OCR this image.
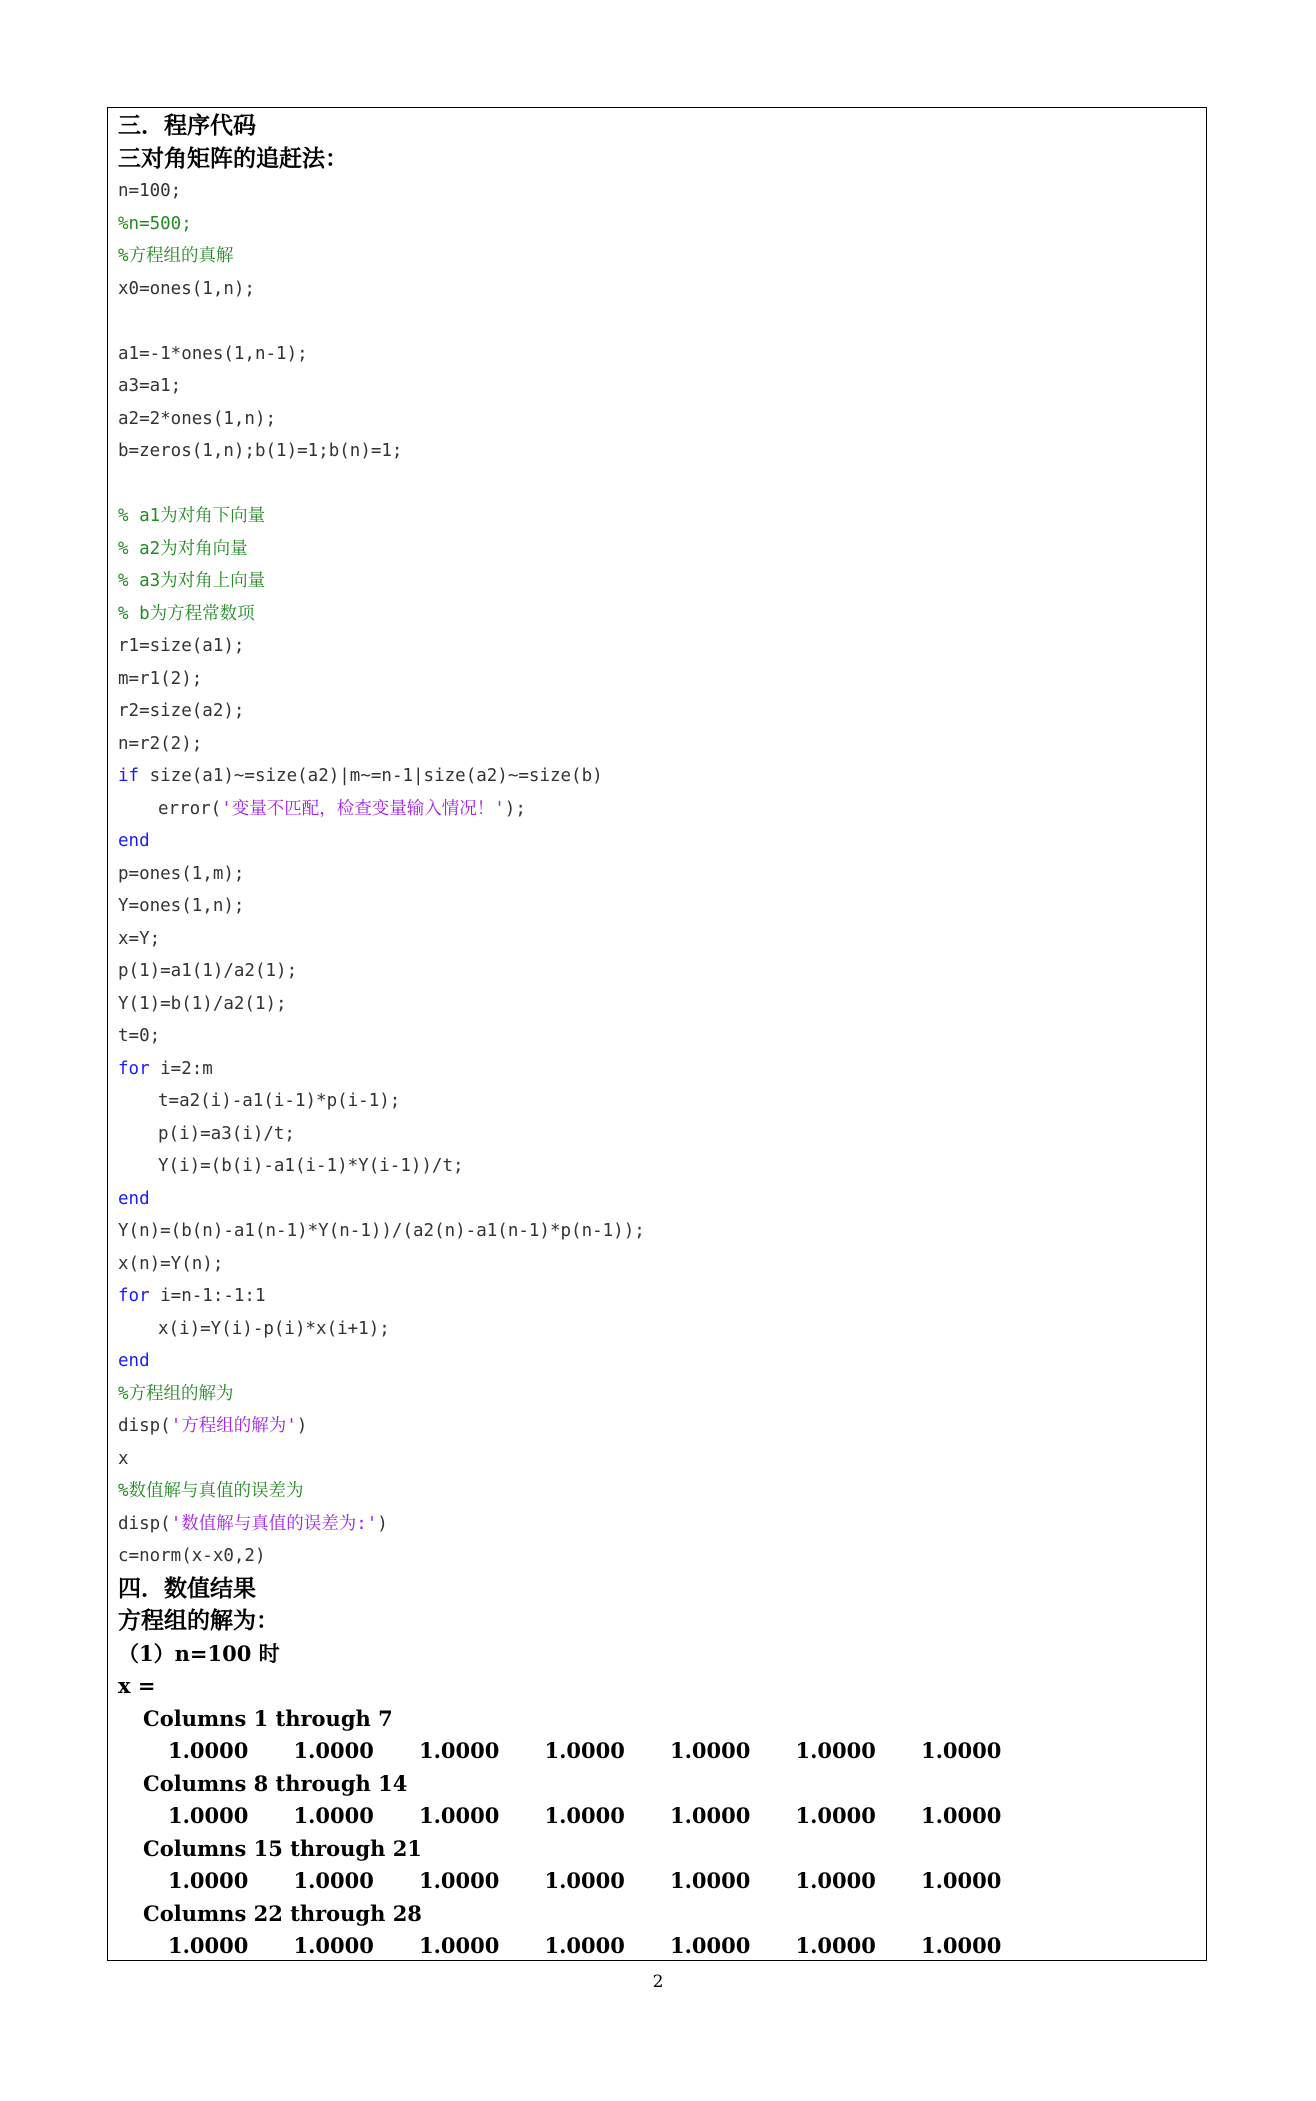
三．程序代码
三对角矩阵的追赶法：
n=100;
%n=500;
%方程组的真解
x0=ones(1,n);
a1=-1*ones(1,n-1);
a3=a1;
a2=2*ones(1,n);
b=zeros(1,n);b(1)=1;b(n)=1;
% a1为对角下向量
% a2为对角向量
% a3为对角上向量
% b为方程常数项
r1=size(a1);
m=r1(2);
r2=size(a2);
n=r2(2);
if size(a1)~=size(a2)|m~=n-1|size(a2)~=size(b)
error('变量不匹配，检查变量输入情况！');
end
p=ones(1,m);
Y=ones(1,n);
x=Y;
p(1)=a1(1)/a2(1);
Y(1)=b(1)/a2(1);
t=0;
for i=2:m
t=a2(i)-a1(i-1)*p(i-1);
p(i)=a3(i)/t;
Y(i)=(b(i)-a1(i-1)*Y(i-1))/t;
end
Y(n)=(b(n)-a1(n-1)*Y(n-1))/(a2(n)-a1(n-1)*p(n-1));
x(n)=Y(n);
for i=n-1:-1:1
x(i)=Y(i)-p(i)*x(i+1);
end
%方程组的解为
disp('方程组的解为')
x
%数值解与真值的误差为
disp('数值解与真值的误差为:')
c=norm(x-x0,2)
四．数值结果
方程组的解为：
（1）n=100 时
x =
Columns 1 through 7
1.0000	1.0000	1.0000	1.0000	1.0000	1.0000	1.0000
Columns 8 through 14
1.0000	1.0000	1.0000	1.0000	1.0000	1.0000	1.0000
Columns 15 through 21
1.0000	1.0000	1.0000	1.0000	1.0000	1.0000	1.0000
Columns 22 through 28
1.0000	1.0000	1.0000	1.0000	1.0000	1.0000	1.0000
2
